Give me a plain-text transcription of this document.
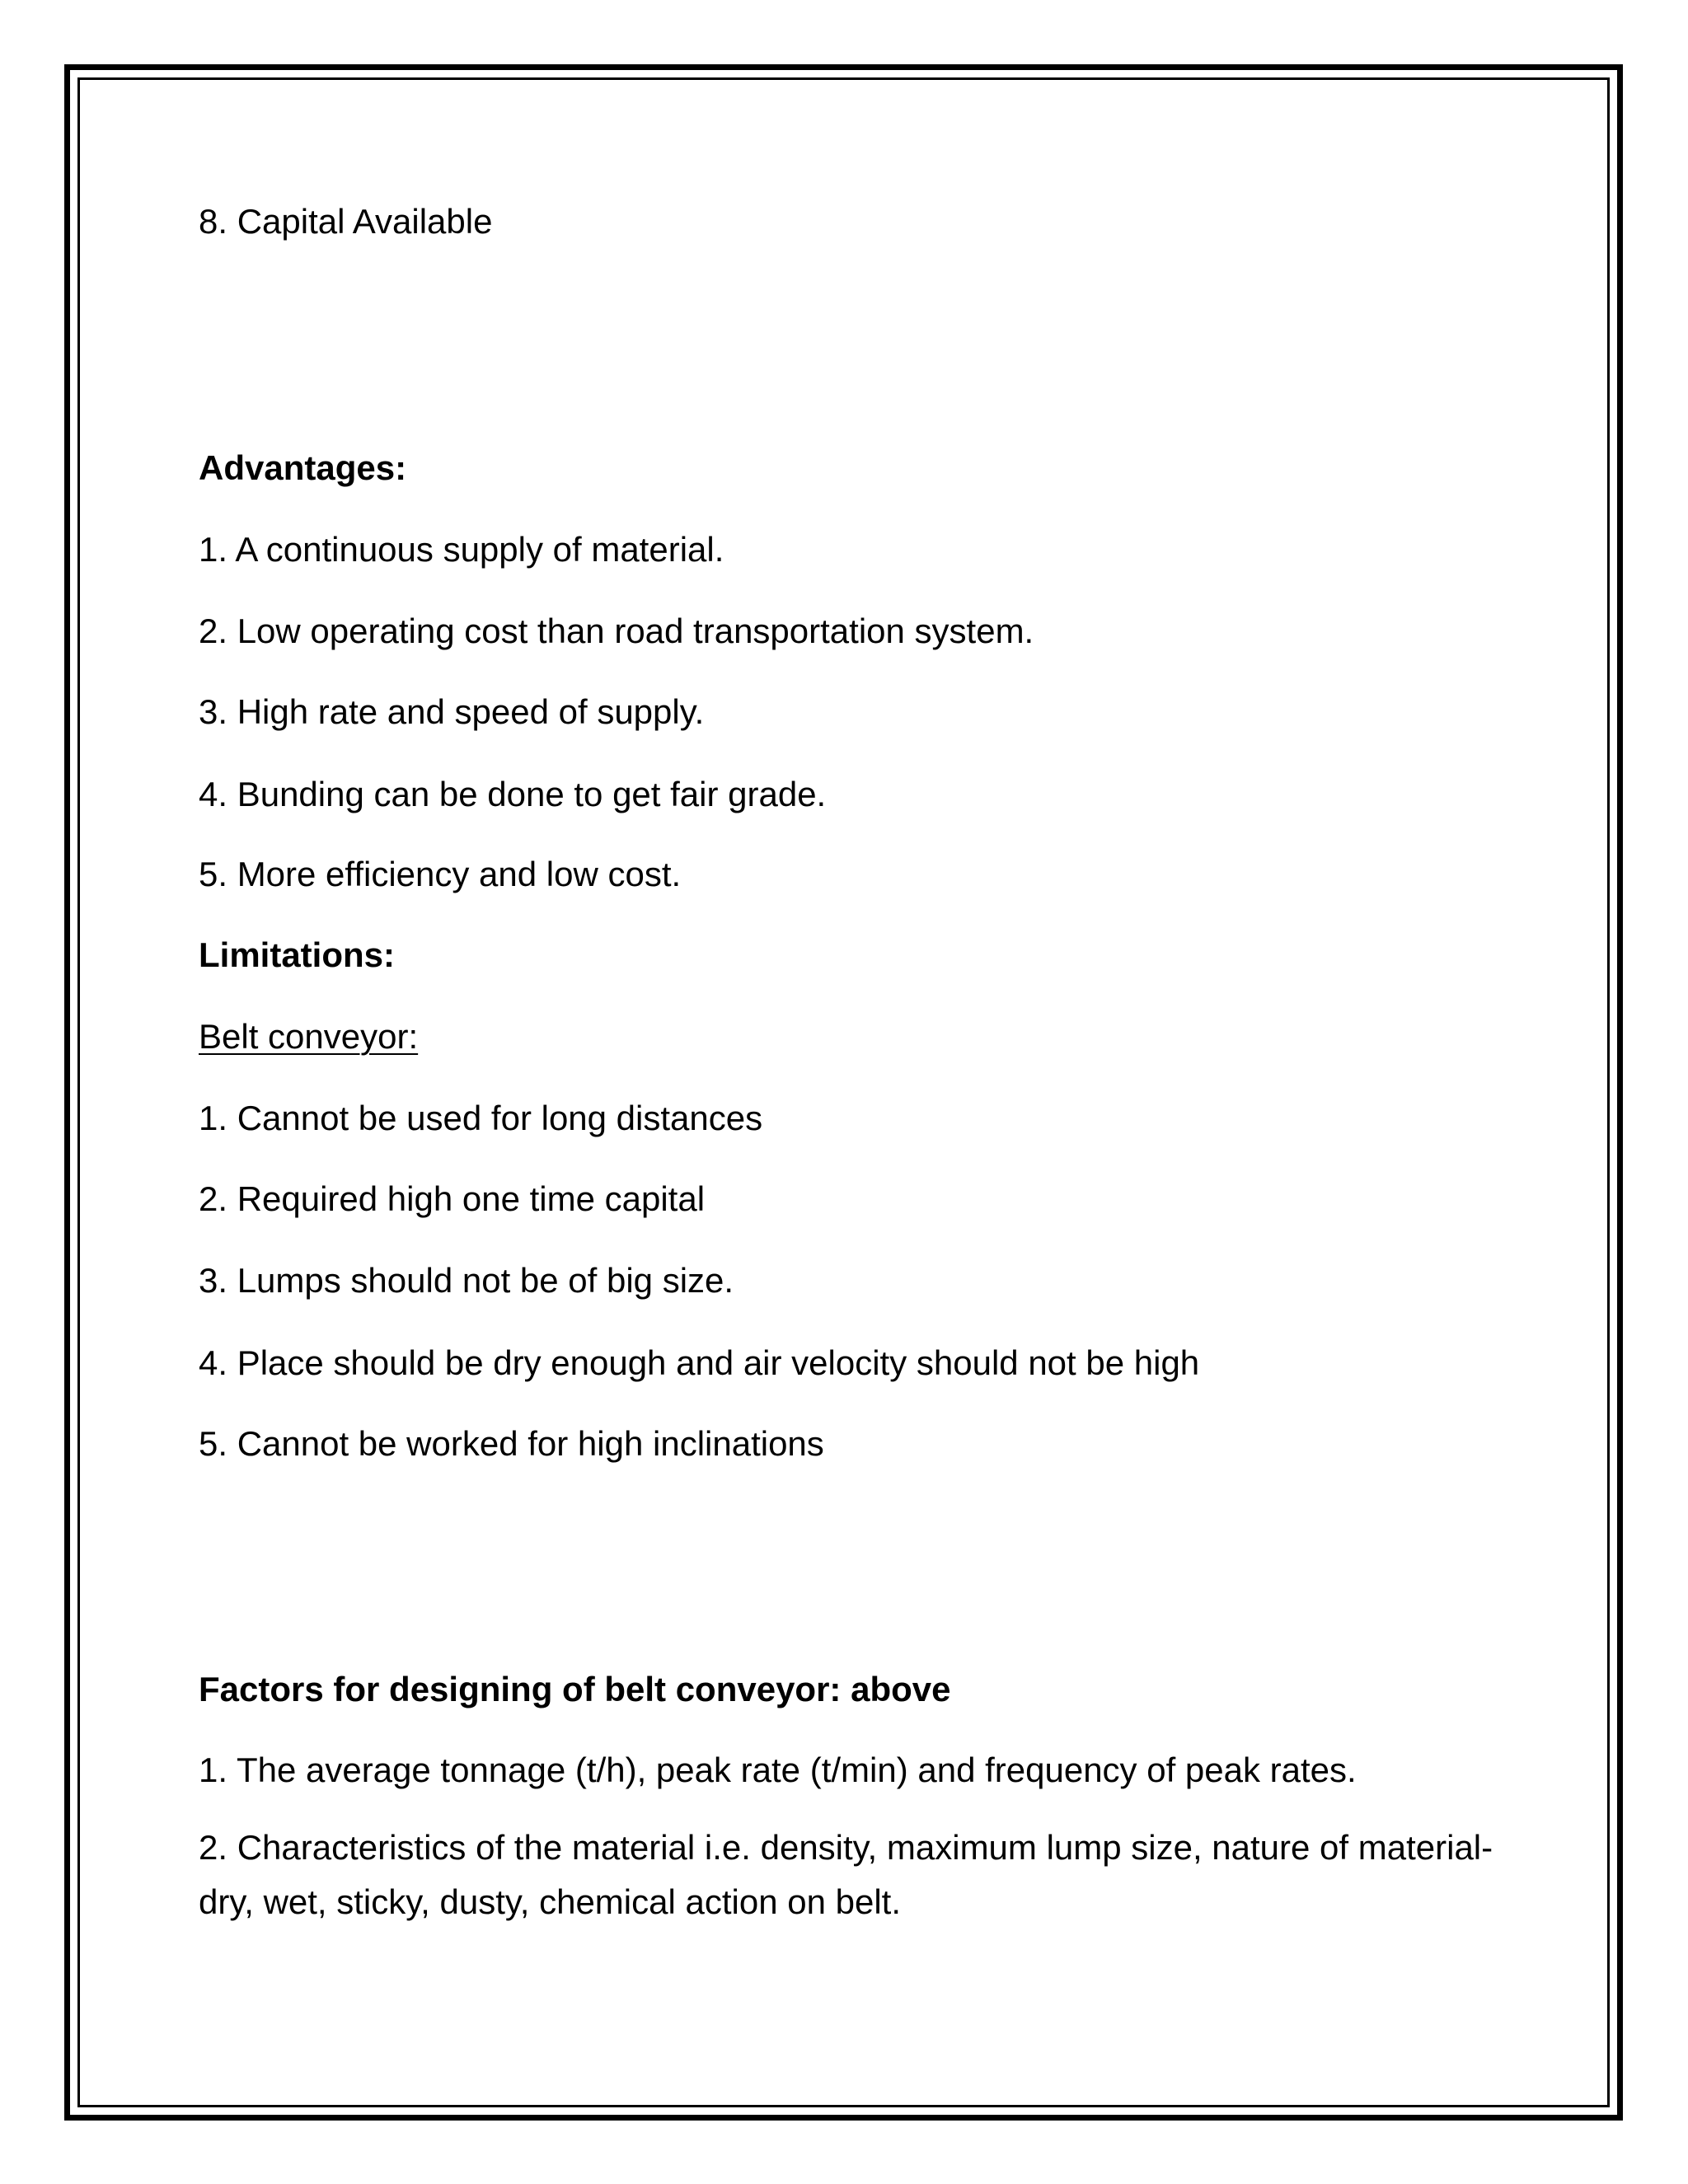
8. Capital Available

Advantages:

1. A continuous supply of material.

2. Low operating cost than road transportation system.

3. High rate and speed of supply.

4. Bunding can be done to get fair grade.

5. More efficiency and low cost.

Limitations:

Belt conveyor:

1. Cannot be used for long distances

2. Required high one time capital

3. Lumps should not be of big size.

4. Place should be dry enough and air velocity should not be high

5. Cannot be worked for high inclinations

Factors for designing of belt conveyor: above

1. The average tonnage (t/h), peak rate (t/min) and frequency of peak rates.

2. Characteristics of the material i.e. density, maximum lump size, nature of material-dry, wet, sticky, dusty, chemical action on belt.
